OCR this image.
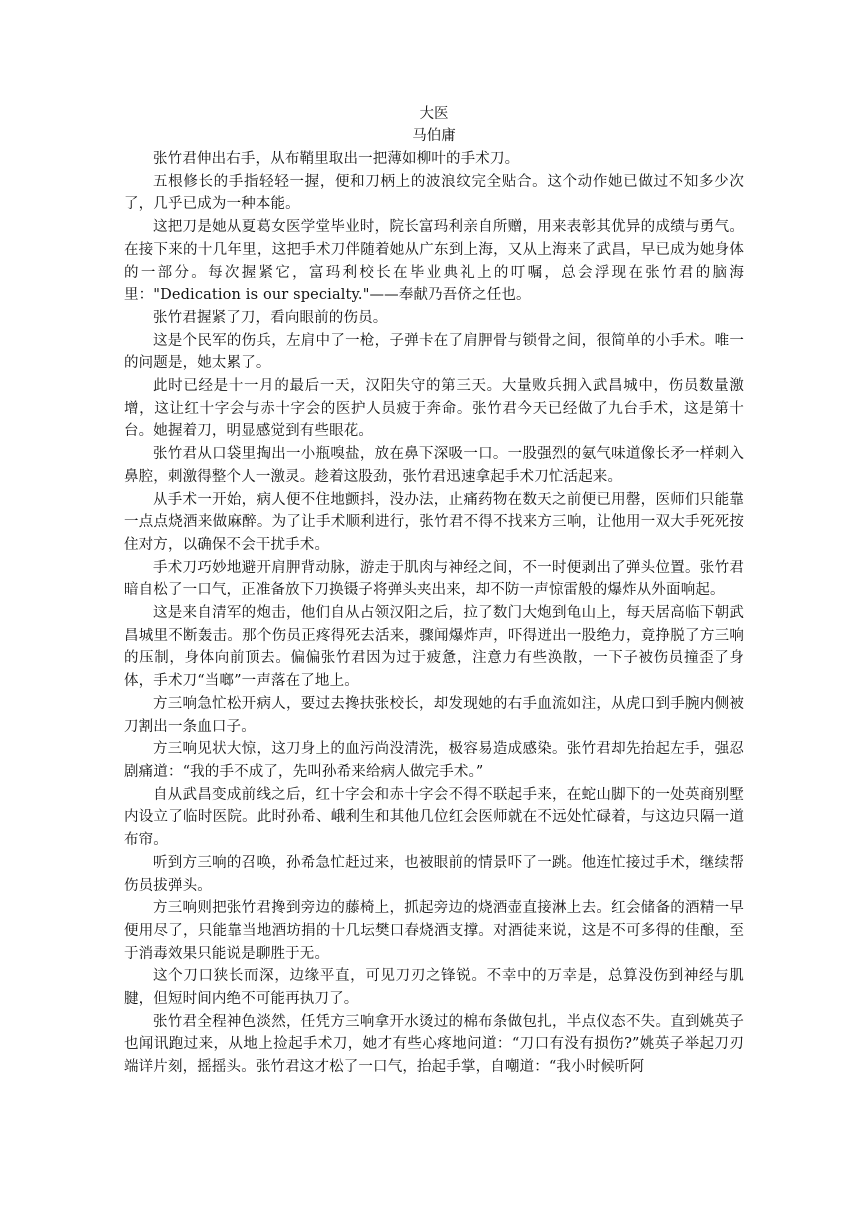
大医

马伯庸

张竹君伸出右手，从布鞘里取出一把薄如柳叶的手术刀。

五根修长的手指轻轻一握，便和刀柄上的波浪纹完全贴合。这个动作她已做过不知多少次了，几乎已成为一种本能。

这把刀是她从夏葛女医学堂毕业时，院长富玛利亲自所赠，用来表彰其优异的成绩与勇气。在接下来的十几年里，这把手术刀伴随着她从广东到上海，又从上海来了武昌，早已成为她身体的一部分。每次握紧它，富玛利校长在毕业典礼上的叮嘱，总会浮现在张竹君的脑海里："Dedication is our specialty."——奉献乃吾侪之任也。

张竹君握紧了刀，看向眼前的伤员。

这是个民军的伤兵，左肩中了一枪，子弹卡在了肩胛骨与锁骨之间，很简单的小手术。唯一的问题是，她太累了。

此时已经是十一月的最后一天，汉阳失守的第三天。大量败兵拥入武昌城中，伤员数量激增，这让红十字会与赤十字会的医护人员疲于奔命。张竹君今天已经做了九台手术，这是第十台。她握着刀，明显感觉到有些眼花。

张竹君从口袋里掏出一小瓶嗅盐，放在鼻下深吸一口。一股强烈的氨气味道像长矛一样刺入鼻腔，刺激得整个人一激灵。趁着这股劲，张竹君迅速拿起手术刀忙活起来。

从手术一开始，病人便不住地颤抖，没办法，止痛药物在数天之前便已用罄，医师们只能靠一点点烧酒来做麻醉。为了让手术顺利进行，张竹君不得不找来方三响，让他用一双大手死死按住对方，以确保不会干扰手术。

手术刀巧妙地避开肩胛背动脉，游走于肌肉与神经之间，不一时便剥出了弹头位置。张竹君暗自松了一口气，正准备放下刀换镊子将弹头夹出来，却不防一声惊雷般的爆炸从外面响起。

这是来自清军的炮击，他们自从占领汉阳之后，拉了数门大炮到龟山上，每天居高临下朝武昌城里不断轰击。那个伤员正疼得死去活来，骤闻爆炸声，吓得迸出一股绝力，竟挣脱了方三响的压制，身体向前顶去。偏偏张竹君因为过于疲惫，注意力有些涣散，一下子被伤员撞歪了身体，手术刀“当啷”一声落在了地上。

方三响急忙松开病人，要过去搀扶张校长，却发现她的右手血流如注，从虎口到手腕内侧被刀割出一条血口子。

方三响见状大惊，这刀身上的血污尚没清洗，极容易造成感染。张竹君却先抬起左手，强忍剧痛道：“我的手不成了，先叫孙希来给病人做完手术。”

自从武昌变成前线之后，红十字会和赤十字会不得不联起手来，在蛇山脚下的一处英商别墅内设立了临时医院。此时孙希、峨利生和其他几位红会医师就在不远处忙碌着，与这边只隔一道布帘。

听到方三响的召唤，孙希急忙赶过来，也被眼前的情景吓了一跳。他连忙接过手术，继续帮伤员拔弹头。

方三响则把张竹君搀到旁边的藤椅上，抓起旁边的烧酒壶直接淋上去。红会储备的酒精一早便用尽了，只能靠当地酒坊捐的十几坛樊口春烧酒支撑。对酒徒来说，这是不可多得的佳酿，至于消毒效果只能说是聊胜于无。

这个刀口狭长而深，边缘平直，可见刀刃之锋锐。不幸中的万幸是，总算没伤到神经与肌腱，但短时间内绝不可能再执刀了。

张竹君全程神色淡然，任凭方三响拿开水烫过的棉布条做包扎，半点仪态不失。直到姚英子也闻讯跑过来，从地上捡起手术刀，她才有些心疼地问道：“刀口有没有损伤?”姚英子举起刀刃端详片刻，摇摇头。张竹君这才松了一口气，抬起手掌，自嘲道：“我小时候听阿
